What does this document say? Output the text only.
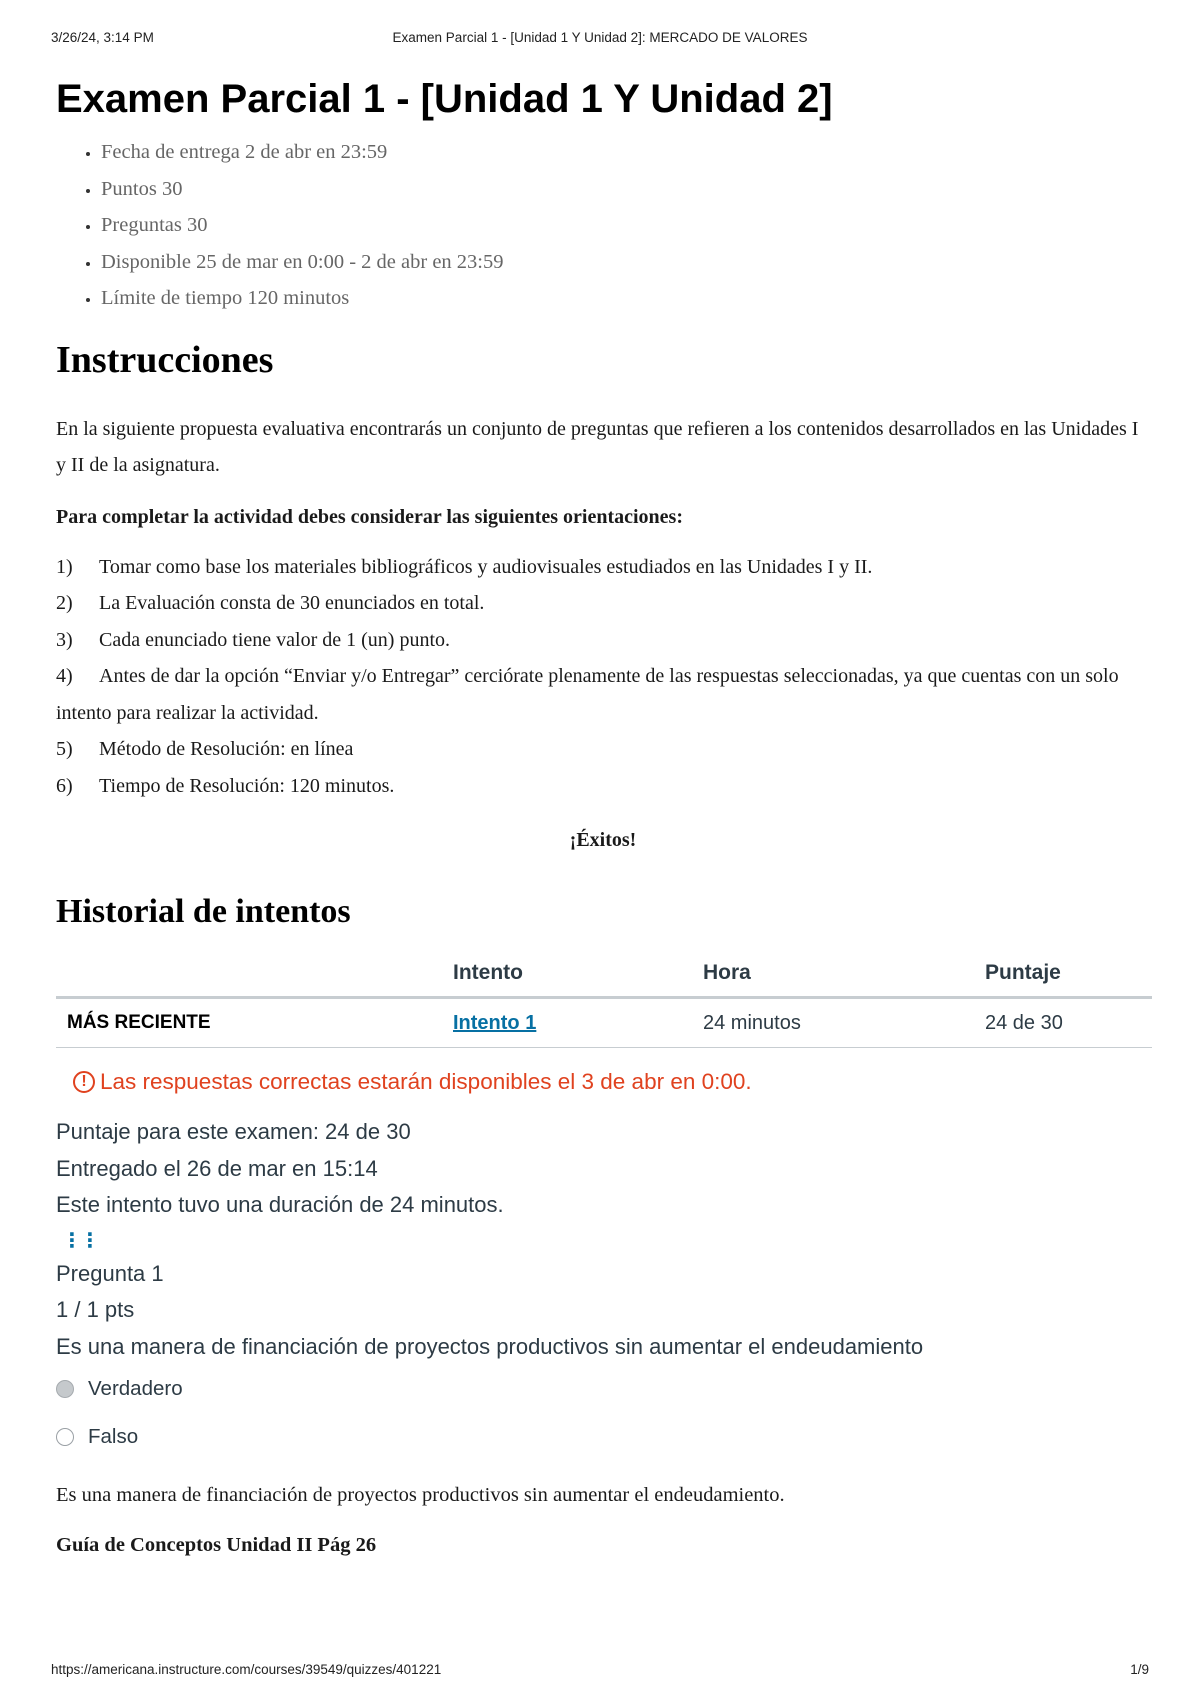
3/26/24, 3:14 PM	Examen Parcial 1 - [Unidad 1 Y Unidad 2]: MERCADO DE VALORES
Examen Parcial 1 - [Unidad 1 Y Unidad 2]
• Fecha de entrega 2 de abr en 23:59
• Puntos 30
• Preguntas 30
• Disponible 25 de mar en 0:00 - 2 de abr en 23:59
• Límite de tiempo 120 minutos
Instrucciones

En la siguiente propuesta evaluativa encontrarás un conjunto de preguntas que refieren a los contenidos desarrollados en las Unidades I y II de la asignatura.

Para completar la actividad debes considerar las siguientes orientaciones:

1) Tomar como base los materiales bibliográficos y audiovisuales estudiados en las Unidades I y II.
2) La Evaluación consta de 30 enunciados en total.
3) Cada enunciado tiene valor de 1 (un) punto.
4) Antes de dar la opción “Enviar y/o Entregar” cerciórate plenamente de las respuestas seleccionadas, ya que cuentas con un solo intento para realizar la actividad.
5) Método de Resolución: en línea
6) Tiempo de Resolución: 120 minutos.
¡Éxitos!
Historial de intentos
	Intento	Hora	Puntaje
MÁS RECIENTE	Intento 1	24 minutos	24 de 30
! Las respuestas correctas estarán disponibles el 3 de abr en 0:00.
Puntaje para este examen: 24 de 30
Entregado el 26 de mar en 15:14
Este intento tuvo una duración de 24 minutos.
⋮⋮
Pregunta 1
1 / 1 pts
Es una manera de financiación de proyectos productivos sin aumentar el endeudamiento
Verdadero
Falso
Es una manera de financiación de proyectos productivos sin aumentar el endeudamiento.
Guía de Conceptos Unidad II Pág 26
https://americana.instructure.com/courses/39549/quizzes/401221	1/9
